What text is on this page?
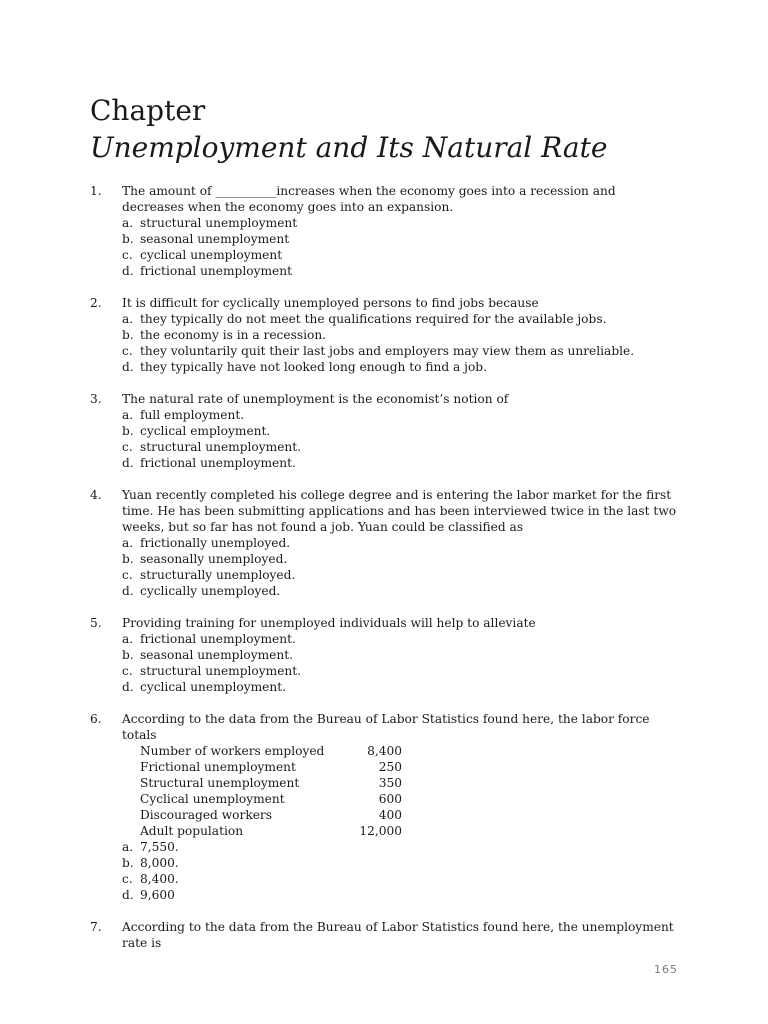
Chapter
Unemployment and Its Natural Rate
1. The amount of __________increases when the economy goes into a recession and decreases when the economy goes into an expansion.
a. structural unemployment
b. seasonal unemployment
c. cyclical unemployment
d. frictional unemployment
2. It is difficult for cyclically unemployed persons to find jobs because
a. they typically do not meet the qualifications required for the available jobs.
b. the economy is in a recession.
c. they voluntarily quit their last jobs and employers may view them as unreliable.
d. they typically have not looked long enough to find a job.
3. The natural rate of unemployment is the economist’s notion of
a. full employment.
b. cyclical employment.
c. structural unemployment.
d. frictional unemployment.
4. Yuan recently completed his college degree and is entering the labor market for the first time. He has been submitting applications and has been interviewed twice in the last two weeks, but so far has not found a job. Yuan could be classified as
a. frictionally unemployed.
b. seasonally unemployed.
c. structurally unemployed.
d. cyclically unemployed.
5. Providing training for unemployed individuals will help to alleviate
a. frictional unemployment.
b. seasonal unemployment.
c. structural unemployment.
d. cyclical unemployment.
6. According to the data from the Bureau of Labor Statistics found here, the labor force totals
Number of workers employed	8,400
Frictional unemployment	250
Structural unemployment	350
Cyclical unemployment	600
Discouraged workers	400
Adult population	12,000
a. 7,550.
b. 8,000.
c. 8,400.
d. 9,600
7. According to the data from the Bureau of Labor Statistics found here, the unemployment rate is
165
